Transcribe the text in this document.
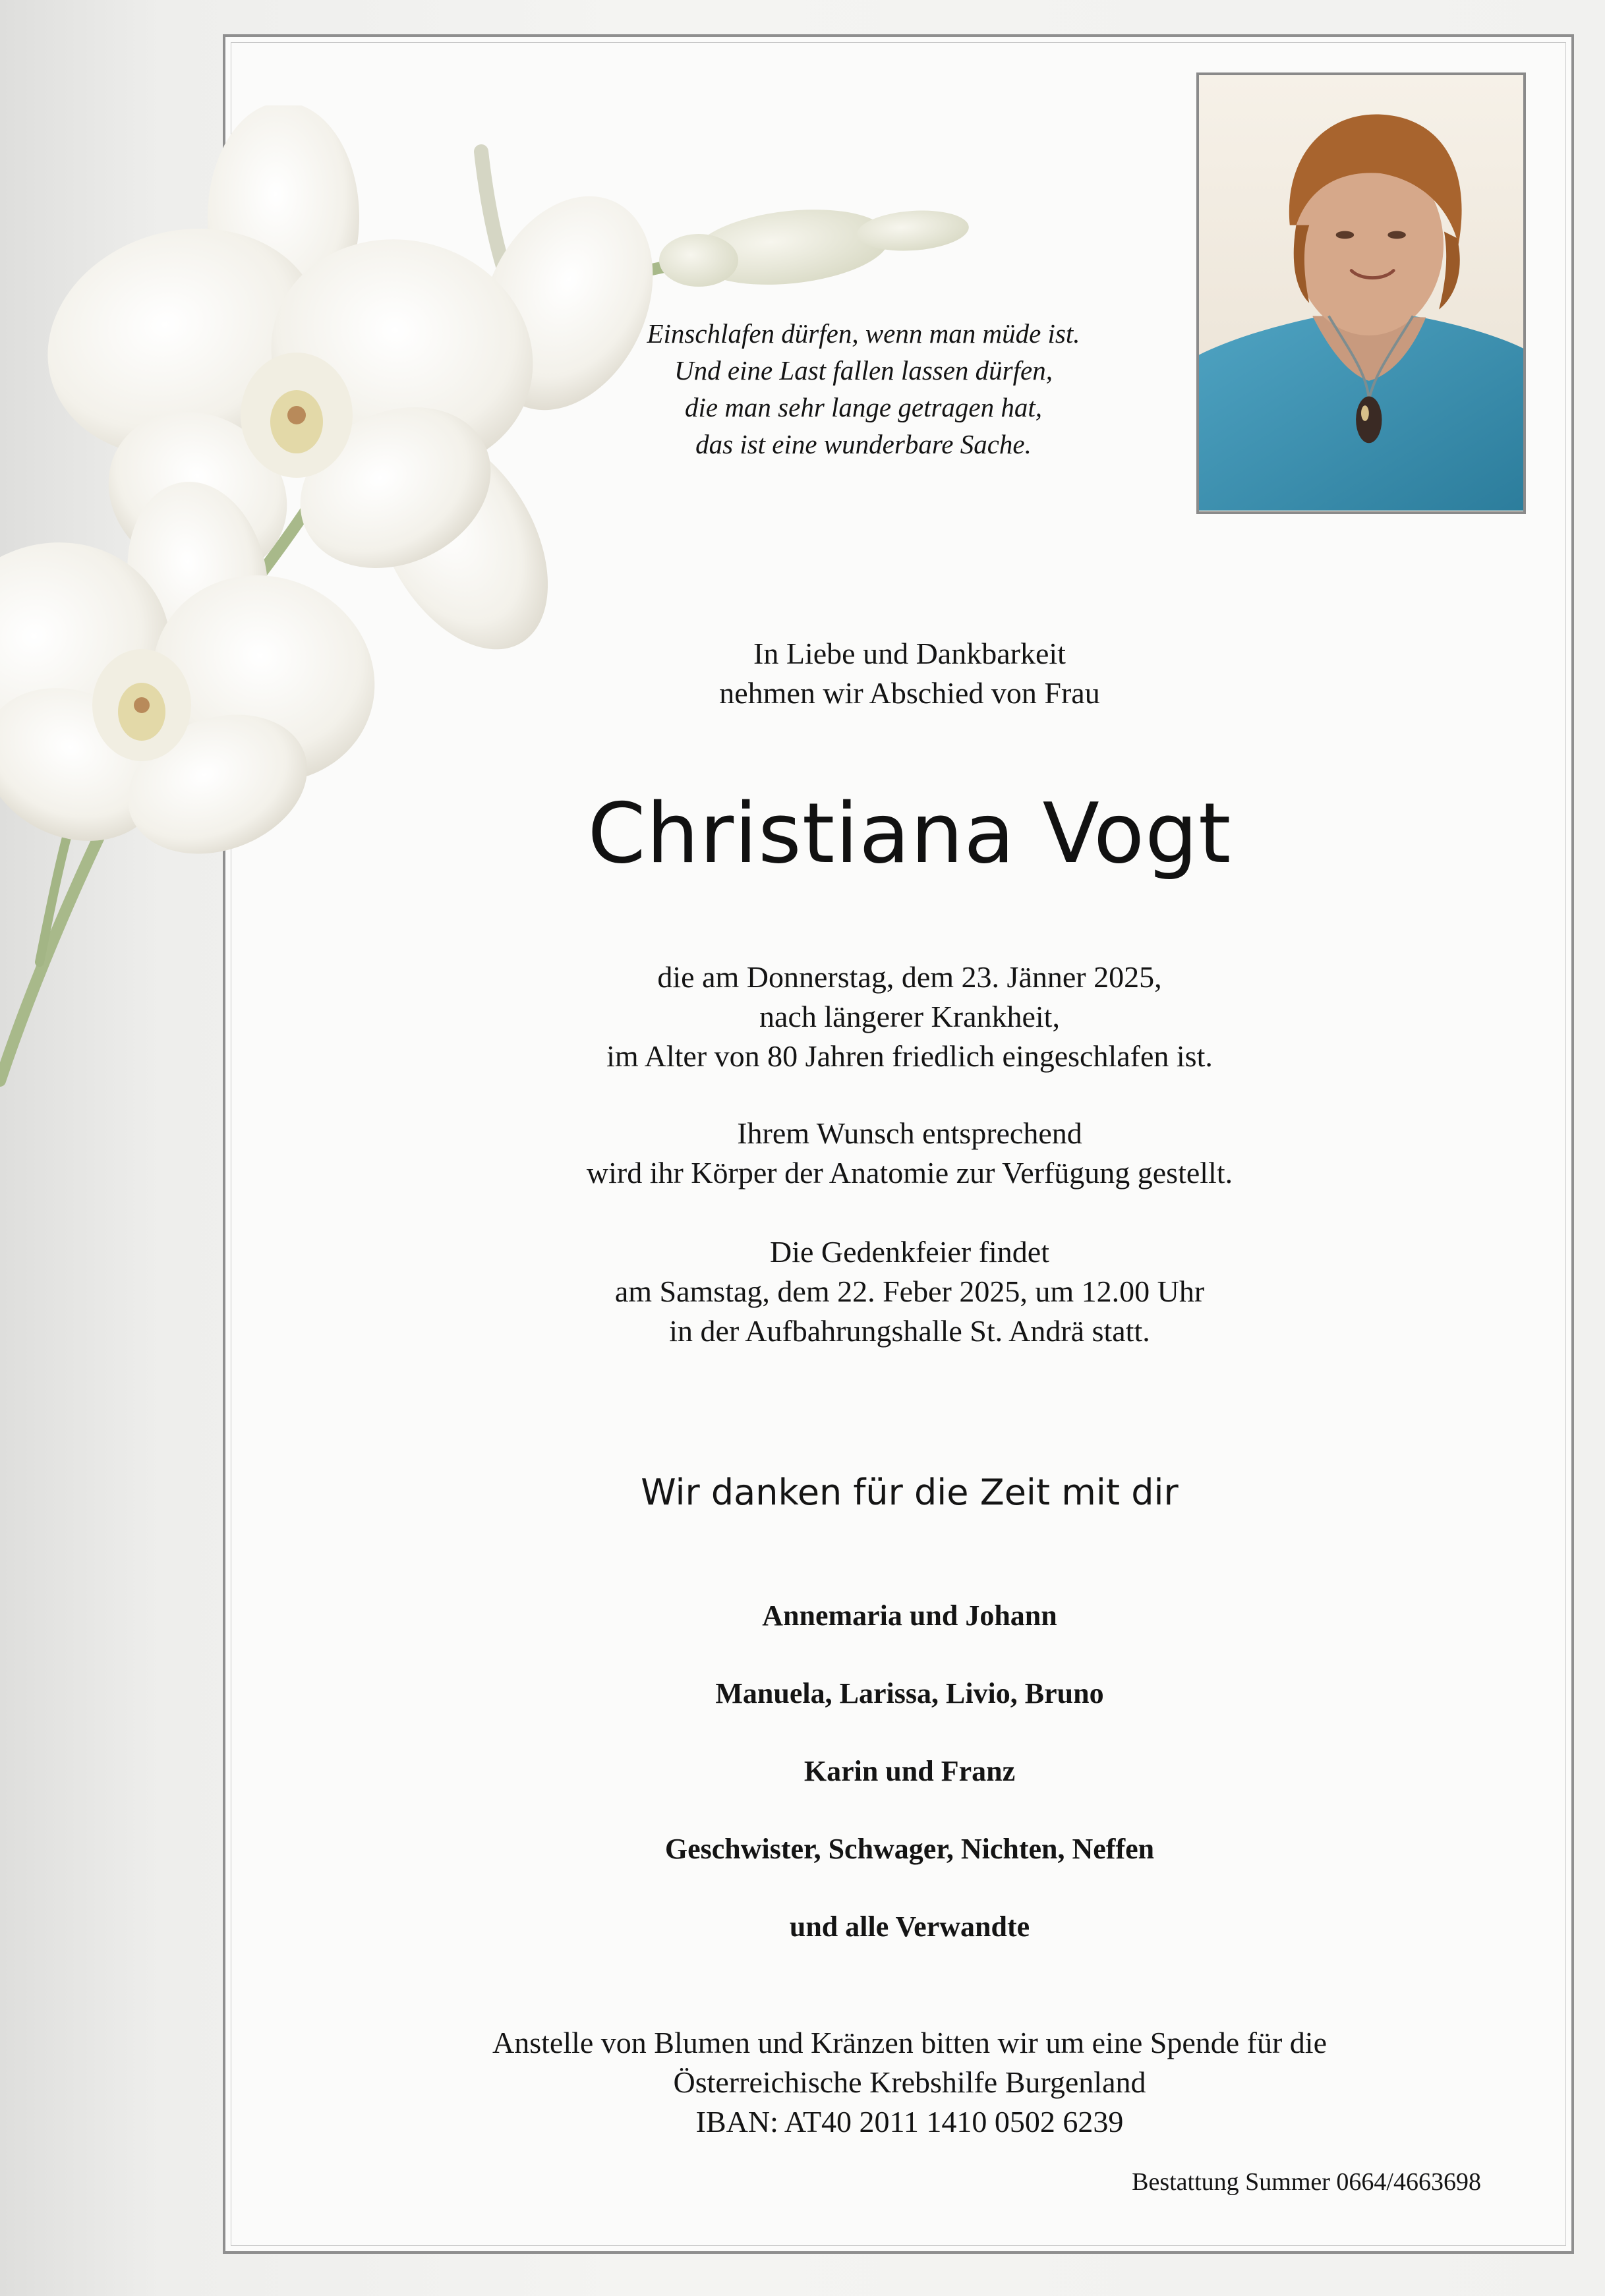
Einschlafen dürfen, wenn man müde ist.
Und eine Last fallen lassen dürfen,
die man sehr lange getragen hat,
das ist eine wunderbare Sache.
In Liebe und Dankbarkeit
nehmen wir Abschied von Frau
Christiana Vogt
die am Donnerstag, dem 23. Jänner 2025,
nach längerer Krankheit,
im Alter von 80 Jahren friedlich eingeschlafen ist.
Ihrem Wunsch entsprechend
wird ihr Körper der Anatomie zur Verfügung gestellt.
Die Gedenkfeier findet
am Samstag, dem 22. Feber 2025, um 12.00 Uhr
in der Aufbahrungshalle St. Andrä statt.
Wir danken für die Zeit mit dir
Annemaria und Johann
Manuela, Larissa, Livio, Bruno
Karin und Franz
Geschwister, Schwager, Nichten, Neffen
und alle Verwandte
Anstelle von Blumen und Kränzen bitten wir um eine Spende für die
Österreichische Krebshilfe Burgenland
IBAN: AT40 2011 1410 0502 6239
Bestattung Summer 0664/4663698
